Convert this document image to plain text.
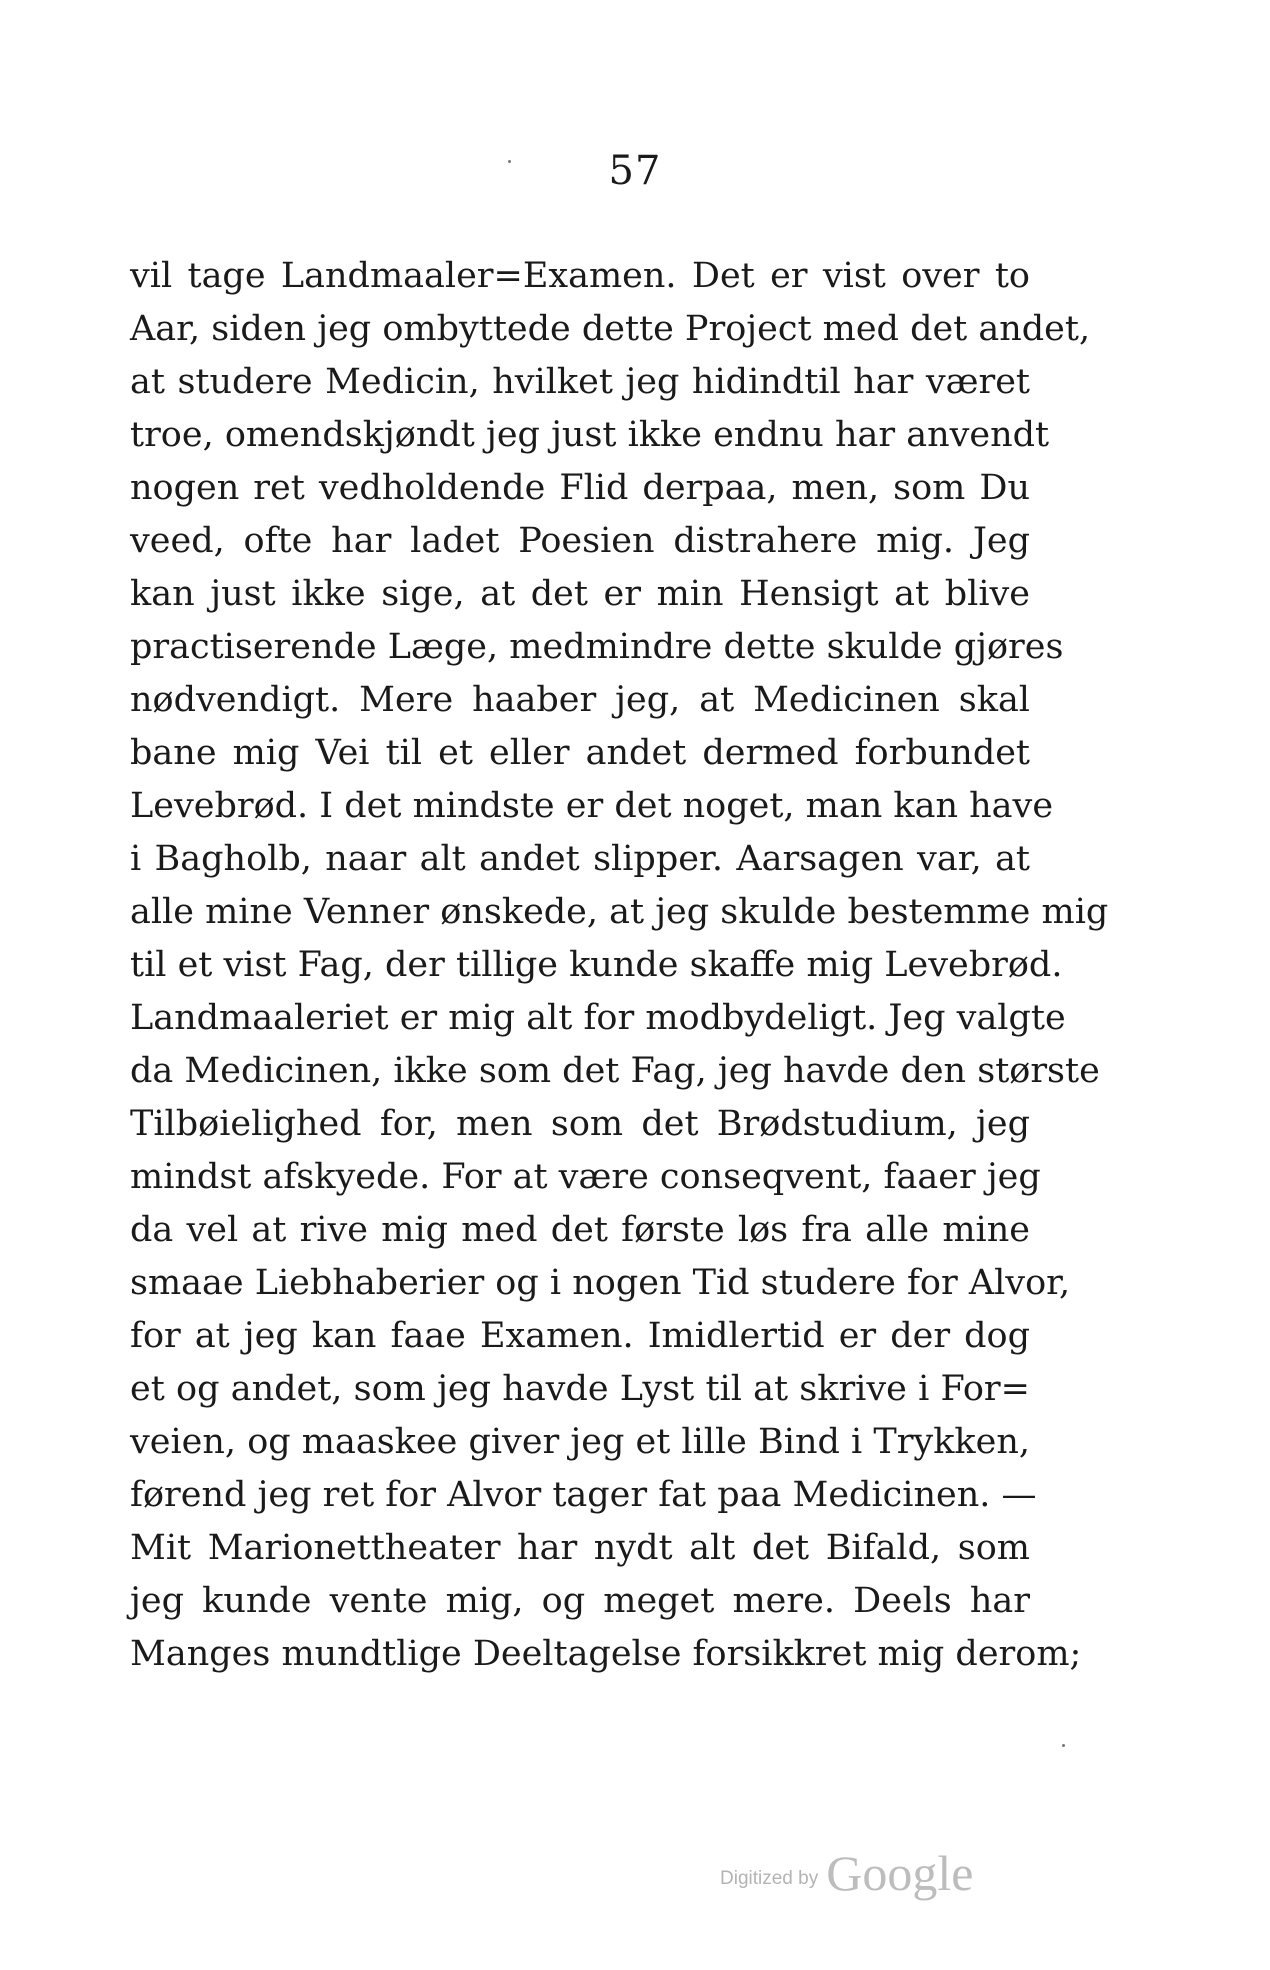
57
vil tage Landmaaler=Examen. Det er vist over to
Aar, siden jeg ombyttede dette Project med det andet,
at studere Medicin, hvilket jeg hidindtil har været
troe, omendskjøndt jeg just ikke endnu har anvendt
nogen ret vedholdende Flid derpaa, men, som Du
veed, ofte har ladet Poesien distrahere mig. Jeg
kan just ikke sige, at det er min Hensigt at blive
practiserende Læge, medmindre dette skulde gjøres
nødvendigt. Mere haaber jeg, at Medicinen skal
bane mig Vei til et eller andet dermed forbundet
Levebrød. I det mindste er det noget, man kan have
i Bagholb, naar alt andet slipper. Aarsagen var, at
alle mine Venner ønskede, at jeg skulde bestemme mig
til et vist Fag, der tillige kunde skaffe mig Levebrød.
Landmaaleriet er mig alt for modbydeligt. Jeg valgte
da Medicinen, ikke som det Fag, jeg havde den største
Tilbøielighed for, men som det Brødstudium, jeg
mindst afskyede. For at være conseqvent, faaer jeg
da vel at rive mig med det første løs fra alle mine
smaae Liebhaberier og i nogen Tid studere for Alvor,
for at jeg kan faae Examen. Imidlertid er der dog
et og andet, som jeg havde Lyst til at skrive i For=
veien, og maaskee giver jeg et lille Bind i Trykken,
førend jeg ret for Alvor tager fat paa Medicinen. —
Mit Marionettheater har nydt alt det Bifald, som
jeg kunde vente mig, og meget mere. Deels har
Manges mundtlige Deeltagelse forsikkret mig derom;
Digitized by Google
